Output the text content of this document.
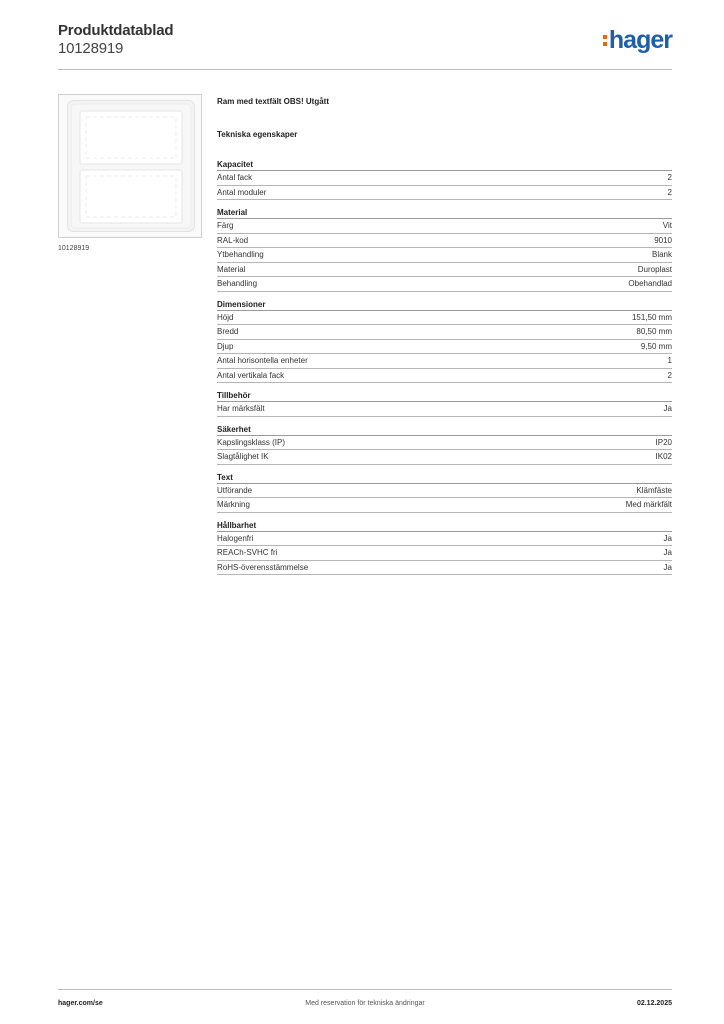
Produktdatablad
10128919	hager
10128919
Ram med textfält OBS! Utgått
Tekniska egenskaper
Kapacitet
Antal fack	2
Antal moduler	2
Material
Färg	Vit
RAL-kod	9010
Ytbehandling	Blank
Material	Duroplast
Behandling	Obehandlad
Dimensioner
Höjd	151,50 mm
Bredd	80,50 mm
Djup	9,50 mm
Antal horisontella enheter	1
Antal vertikala fack	2
Tillbehör
Har märksfält	Ja
Säkerhet
Kapslingsklass (IP)	IP20
Slagtålighet IK	IK02
Text
Utförande	Klämfäste
Märkning	Med märkfält
Hållbarhet
Halogenfri	Ja
REACh-SVHC fri	Ja
RoHS-överensstämmelse	Ja
hager.com/se	Med reservation för tekniska ändringar	02.12.2025
